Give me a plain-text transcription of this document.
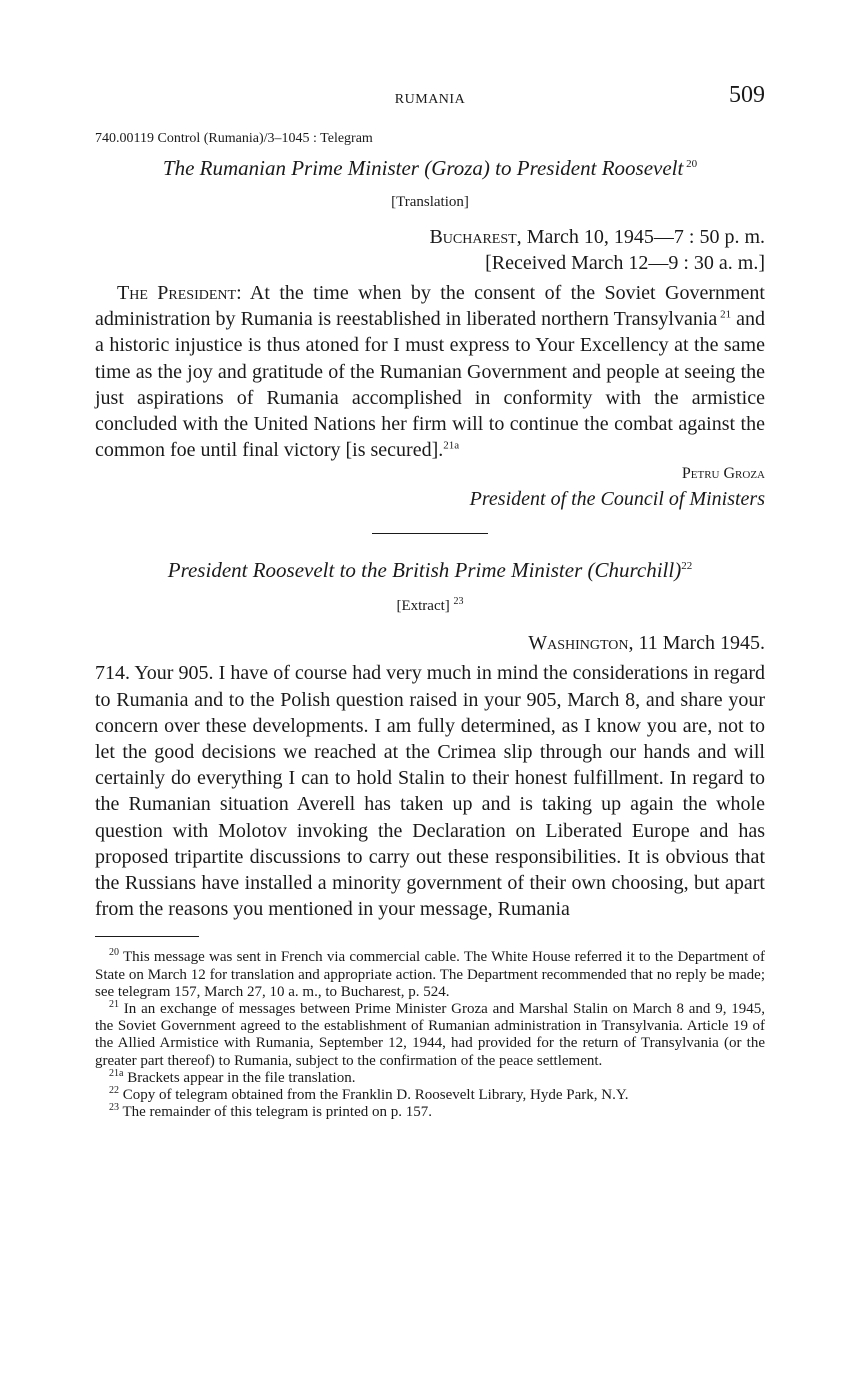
RUMANIA	509
740.00119 Control (Rumania)/3–1045 : Telegram
The Rumanian Prime Minister (Groza) to President Roosevelt $^{20}$
[Translation]
Bucharest, March 10, 1945—7 : 50 p. m.
[Received March 12—9 : 30 a. m.]

The President: At the time when by the consent of the Soviet Government administration by Rumania is reestablished in liberated northern Transylvania $^{21}$ and a historic injustice is thus atoned for I must express to Your Excellency at the same time as the joy and gratitude of the Rumanian Government and people at seeing the just aspirations of Rumania accomplished in conformity with the armistice concluded with the United Nations her firm will to continue the combat against the common foe until final victory [is secured].$^{21a}$

Petru Groza
President of the Council of Ministers
President Roosevelt to the British Prime Minister (Churchill)$^{22}$
[Extract] $^{23}$
Washington, 11 March 1945.

714. Your 905. I have of course had very much in mind the considerations in regard to Rumania and to the Polish question raised in your 905, March 8, and share your concern over these developments. I am fully determined, as I know you are, not to let the good decisions we reached at the Crimea slip through our hands and will certainly do everything I can to hold Stalin to their honest fulfillment. In regard to the Rumanian situation Averell has taken up and is taking up again the whole question with Molotov invoking the Declaration on Liberated Europe and has proposed tripartite discussions to carry out these responsibilities. It is obvious that the Russians have installed a minority government of their own choosing, but apart from the reasons you mentioned in your message, Rumania

$^{20}$ This message was sent in French via commercial cable. The White House referred it to the Department of State on March 12 for translation and appropriate action. The Department recommended that no reply be made; see telegram 157, March 27, 10 a. m., to Bucharest, p. 524.

$^{21}$ In an exchange of messages between Prime Minister Groza and Marshal Stalin on March 8 and 9, 1945, the Soviet Government agreed to the establishment of Rumanian administration in Transylvania. Article 19 of the Allied Armistice with Rumania, September 12, 1944, had provided for the return of Transylvania (or the greater part thereof) to Rumania, subject to the confirmation of the peace settlement.

$^{21a}$ Brackets appear in the file translation.

$^{22}$ Copy of telegram obtained from the Franklin D. Roosevelt Library, Hyde Park, N.Y.

$^{23}$ The remainder of this telegram is printed on p. 157.
